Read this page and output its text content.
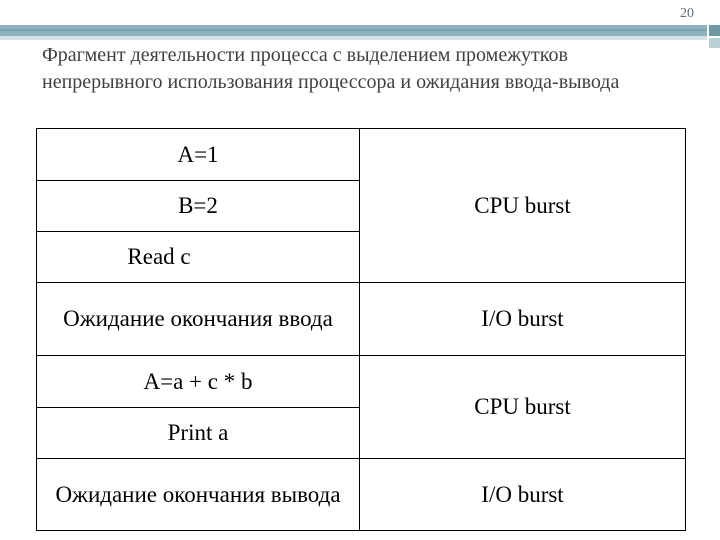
20
Фрагмент деятельности процесса с выделением промежутков непрерывного использования процессора и ожидания ввода-вывода
A=1
B=2
Read c
Ожидание окончания ввода
A=a + c * b
Print a
Ожидание окончания вывода
CPU burst
I/O burst
CPU burst
I/O burst
